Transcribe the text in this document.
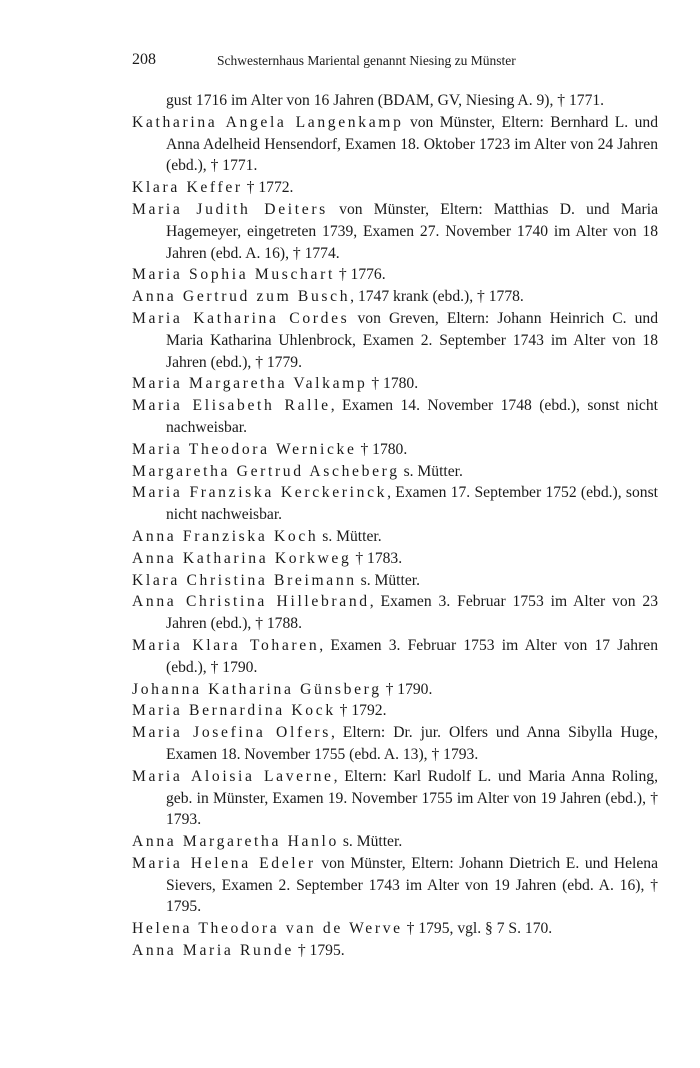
208	Schwesternhaus Mariental genannt Niesing zu Münster

gust 1716 im Alter von 16 Jahren (BDAM, GV, Niesing A. 9), † 1771.

Katharina Angela Langenkamp von Münster, Eltern: Bernhard L. und Anna Adelheid Hensendorf, Examen 18. Oktober 1723 im Alter von 24 Jahren (ebd.), † 1771.

Klara Keffer † 1772.

Maria Judith Deiters von Münster, Eltern: Matthias D. und Maria Hagemeyer, eingetreten 1739, Examen 27. November 1740 im Alter von 18 Jahren (ebd. A. 16), † 1774.

Maria Sophia Muschart † 1776.

Anna Gertrud zum Busch, 1747 krank (ebd.), † 1778.

Maria Katharina Cordes von Greven, Eltern: Johann Heinrich C. und Maria Katharina Uhlenbrock, Examen 2. September 1743 im Alter von 18 Jahren (ebd.), † 1779.

Maria Margaretha Valkamp † 1780.

Maria Elisabeth Ralle, Examen 14. November 1748 (ebd.), sonst nicht nachweisbar.

Maria Theodora Wernicke † 1780.

Margaretha Gertrud Ascheberg s. Mütter.

Maria Franziska Kerckerinck, Examen 17. September 1752 (ebd.), sonst nicht nachweisbar.

Anna Franziska Koch s. Mütter.

Anna Katharina Korkweg † 1783.

Klara Christina Breimann s. Mütter.

Anna Christina Hillebrand, Examen 3. Februar 1753 im Alter von 23 Jahren (ebd.), † 1788.

Maria Klara Toharen, Examen 3. Februar 1753 im Alter von 17 Jahren (ebd.), † 1790.

Johanna Katharina Günsberg † 1790.

Maria Bernardina Kock † 1792.

Maria Josefina Olfers, Eltern: Dr. jur. Olfers und Anna Sibylla Huge, Examen 18. November 1755 (ebd. A. 13), † 1793.

Maria Aloisia Laverne, Eltern: Karl Rudolf L. und Maria Anna Roling, geb. in Münster, Examen 19. November 1755 im Alter von 19 Jahren (ebd.), † 1793.

Anna Margaretha Hanlo s. Mütter.

Maria Helena Edeler von Münster, Eltern: Johann Dietrich E. und Helena Sievers, Examen 2. September 1743 im Alter von 19 Jahren (ebd. A. 16), † 1795.

Helena Theodora van de Werve † 1795, vgl. § 7 S. 170.

Anna Maria Runde † 1795.
